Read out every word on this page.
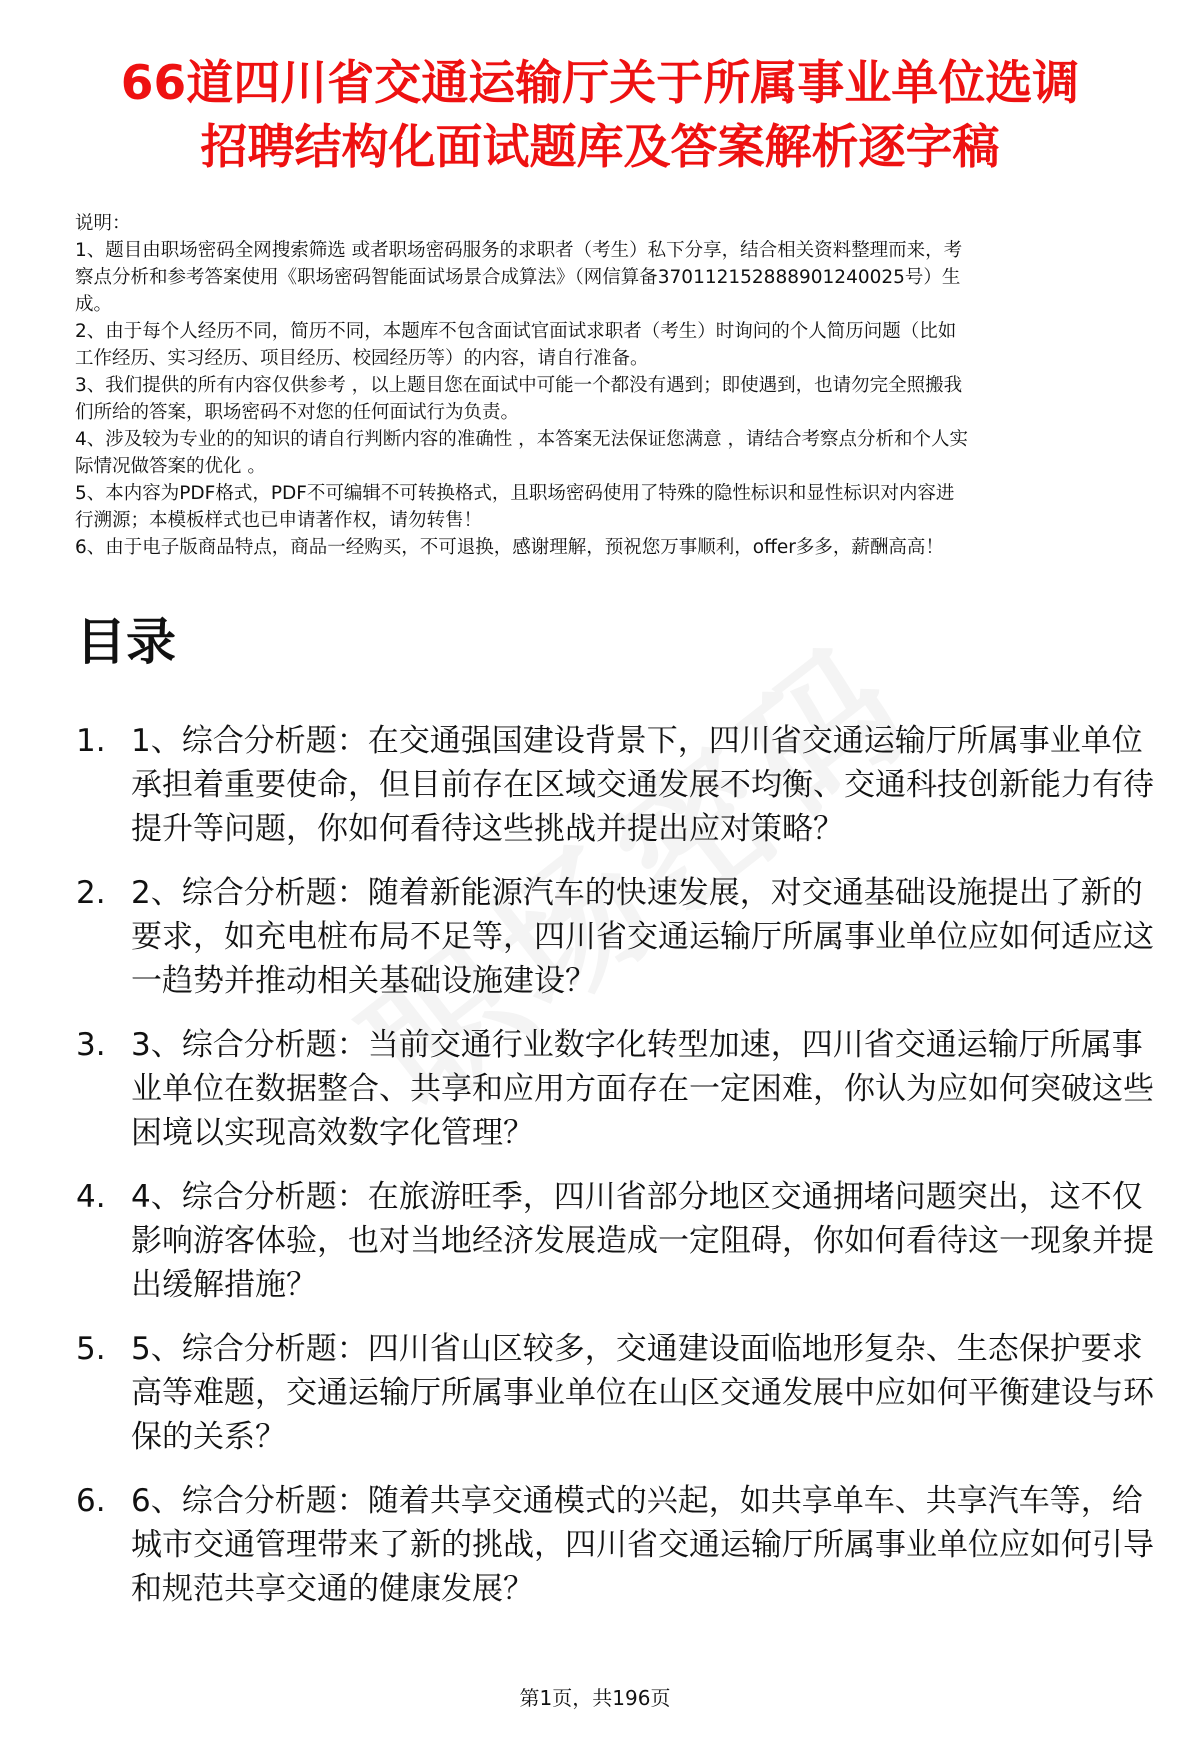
66道四川省交通运输厅关于所属事业单位选调
招聘结构化面试题库及答案解析逐字稿

说明：

1、题目由职场密码全网搜索筛选 或者职场密码服务的求职者（考生）私下分享，结合相关资料整理而来，考

察点分析和参考答案使用《职场密码智能面试场景合成算法》（网信算备370112152888901240025号）生

成。

2、由于每个人经历不同，简历不同，本题库不包含面试官面试求职者（考生）时询问的个人简历问题（比如

工作经历、实习经历、项目经历、校园经历等）的内容，请自行准备。

3、我们提供的所有内容仅供参考 ，以上题目您在面试中可能一个都没有遇到；即使遇到，也请勿完全照搬我

们所给的答案，职场密码不对您的任何面试行为负责。

4、涉及较为专业的的知识的请自行判断内容的准确性 ，本答案无法保证您满意 ，请结合考察点分析和个人实

际情况做答案的优化 。

5、本内容为PDF格式，PDF不可编辑不可转换格式，且职场密码使用了特殊的隐性标识和显性标识对内容进

行溯源；本模板样式也已申请著作权，请勿转售！

6、由于电子版商品特点，商品一经购买，不可退换，感谢理解，预祝您万事顺利，offer多多，薪酬高高！

目录
1. 1、综合分析题：在交通强国建设背景下，四川省交通运输厅所属事业单位承担着重要使命，但目前存在区域交通发展不均衡、交通科技创新能力有待提升等问题，你如何看待这些挑战并提出应对策略？
2. 2、综合分析题：随着新能源汽车的快速发展，对交通基础设施提出了新的要求，如充电桩布局不足等，四川省交通运输厅所属事业单位应如何适应这一趋势并推动相关基础设施建设？
3. 3、综合分析题：当前交通行业数字化转型加速，四川省交通运输厅所属事业单位在数据整合、共享和应用方面存在一定困难，你认为应如何突破这些困境以实现高效数字化管理？
4. 4、综合分析题：在旅游旺季，四川省部分地区交通拥堵问题突出，这不仅影响游客体验，也对当地经济发展造成一定阻碍，你如何看待这一现象并提出缓解措施？
5. 5、综合分析题：四川省山区较多，交通建设面临地形复杂、生态保护要求高等难题，交通运输厅所属事业单位在山区交通发展中应如何平衡建设与环保的关系？
6. 6、综合分析题：随着共享交通模式的兴起，如共享单车、共享汽车等，给城市交通管理带来了新的挑战，四川省交通运输厅所属事业单位应如何引导和规范共享交通的健康发展？
第1页，共196页
